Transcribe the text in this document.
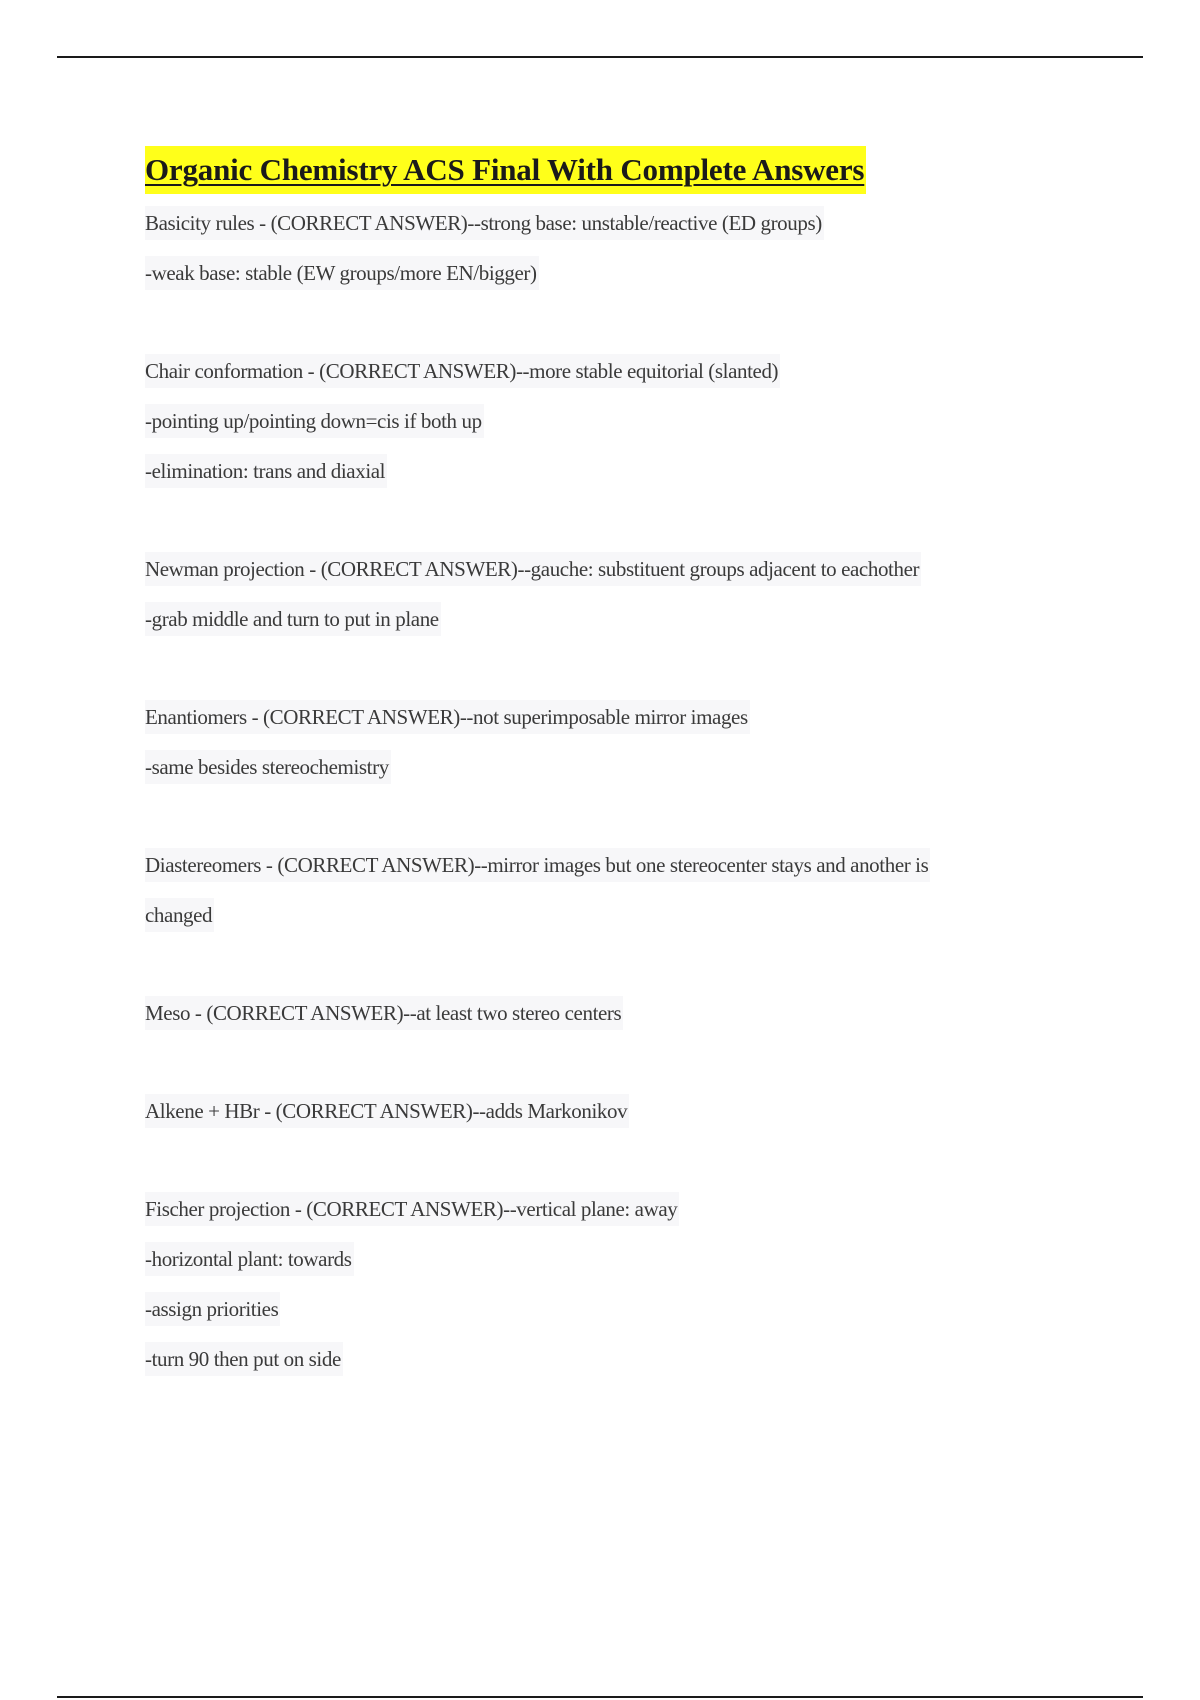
Organic Chemistry ACS Final With Complete Answers
Basicity rules - (CORRECT ANSWER)--strong base: unstable/reactive (ED groups)
-weak base: stable (EW groups/more EN/bigger)
Chair conformation - (CORRECT ANSWER)--more stable equitorial (slanted)
-pointing up/pointing down=cis if both up
-elimination: trans and diaxial
Newman projection - (CORRECT ANSWER)--gauche: substituent groups adjacent to eachother
-grab middle and turn to put in plane
Enantiomers - (CORRECT ANSWER)--not superimposable mirror images
-same besides stereochemistry
Diastereomers - (CORRECT ANSWER)--mirror images but one stereocenter stays and another is
changed
Meso - (CORRECT ANSWER)--at least two stereo centers
Alkene + HBr - (CORRECT ANSWER)--adds Markonikov
Fischer projection - (CORRECT ANSWER)--vertical plane: away
-horizontal plant: towards
-assign priorities
-turn 90 then put on side
